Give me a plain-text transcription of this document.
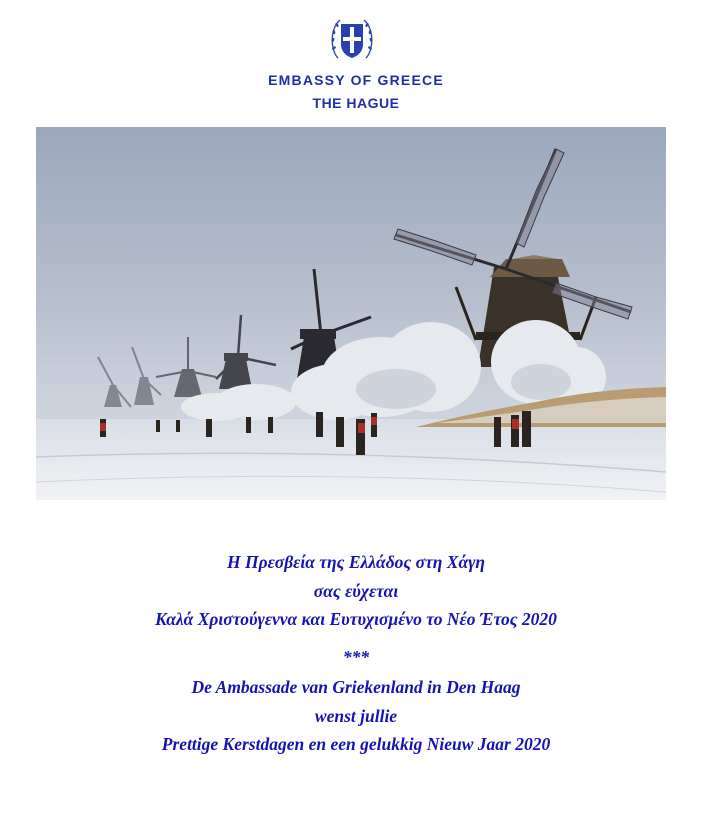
EMBASSY OF GREECE
THE HAGUE
Η Πρεσβεία της Ελλάδος στη Χάγη
σας εύχεται
Καλά Χριστούγεννα και Ευτυχισμένο το Νέο Έτος 2020
***
De Ambassade van Griekenland in Den Haag
wenst jullie
Prettige Kerstdagen en een gelukkig Nieuw Jaar 2020
